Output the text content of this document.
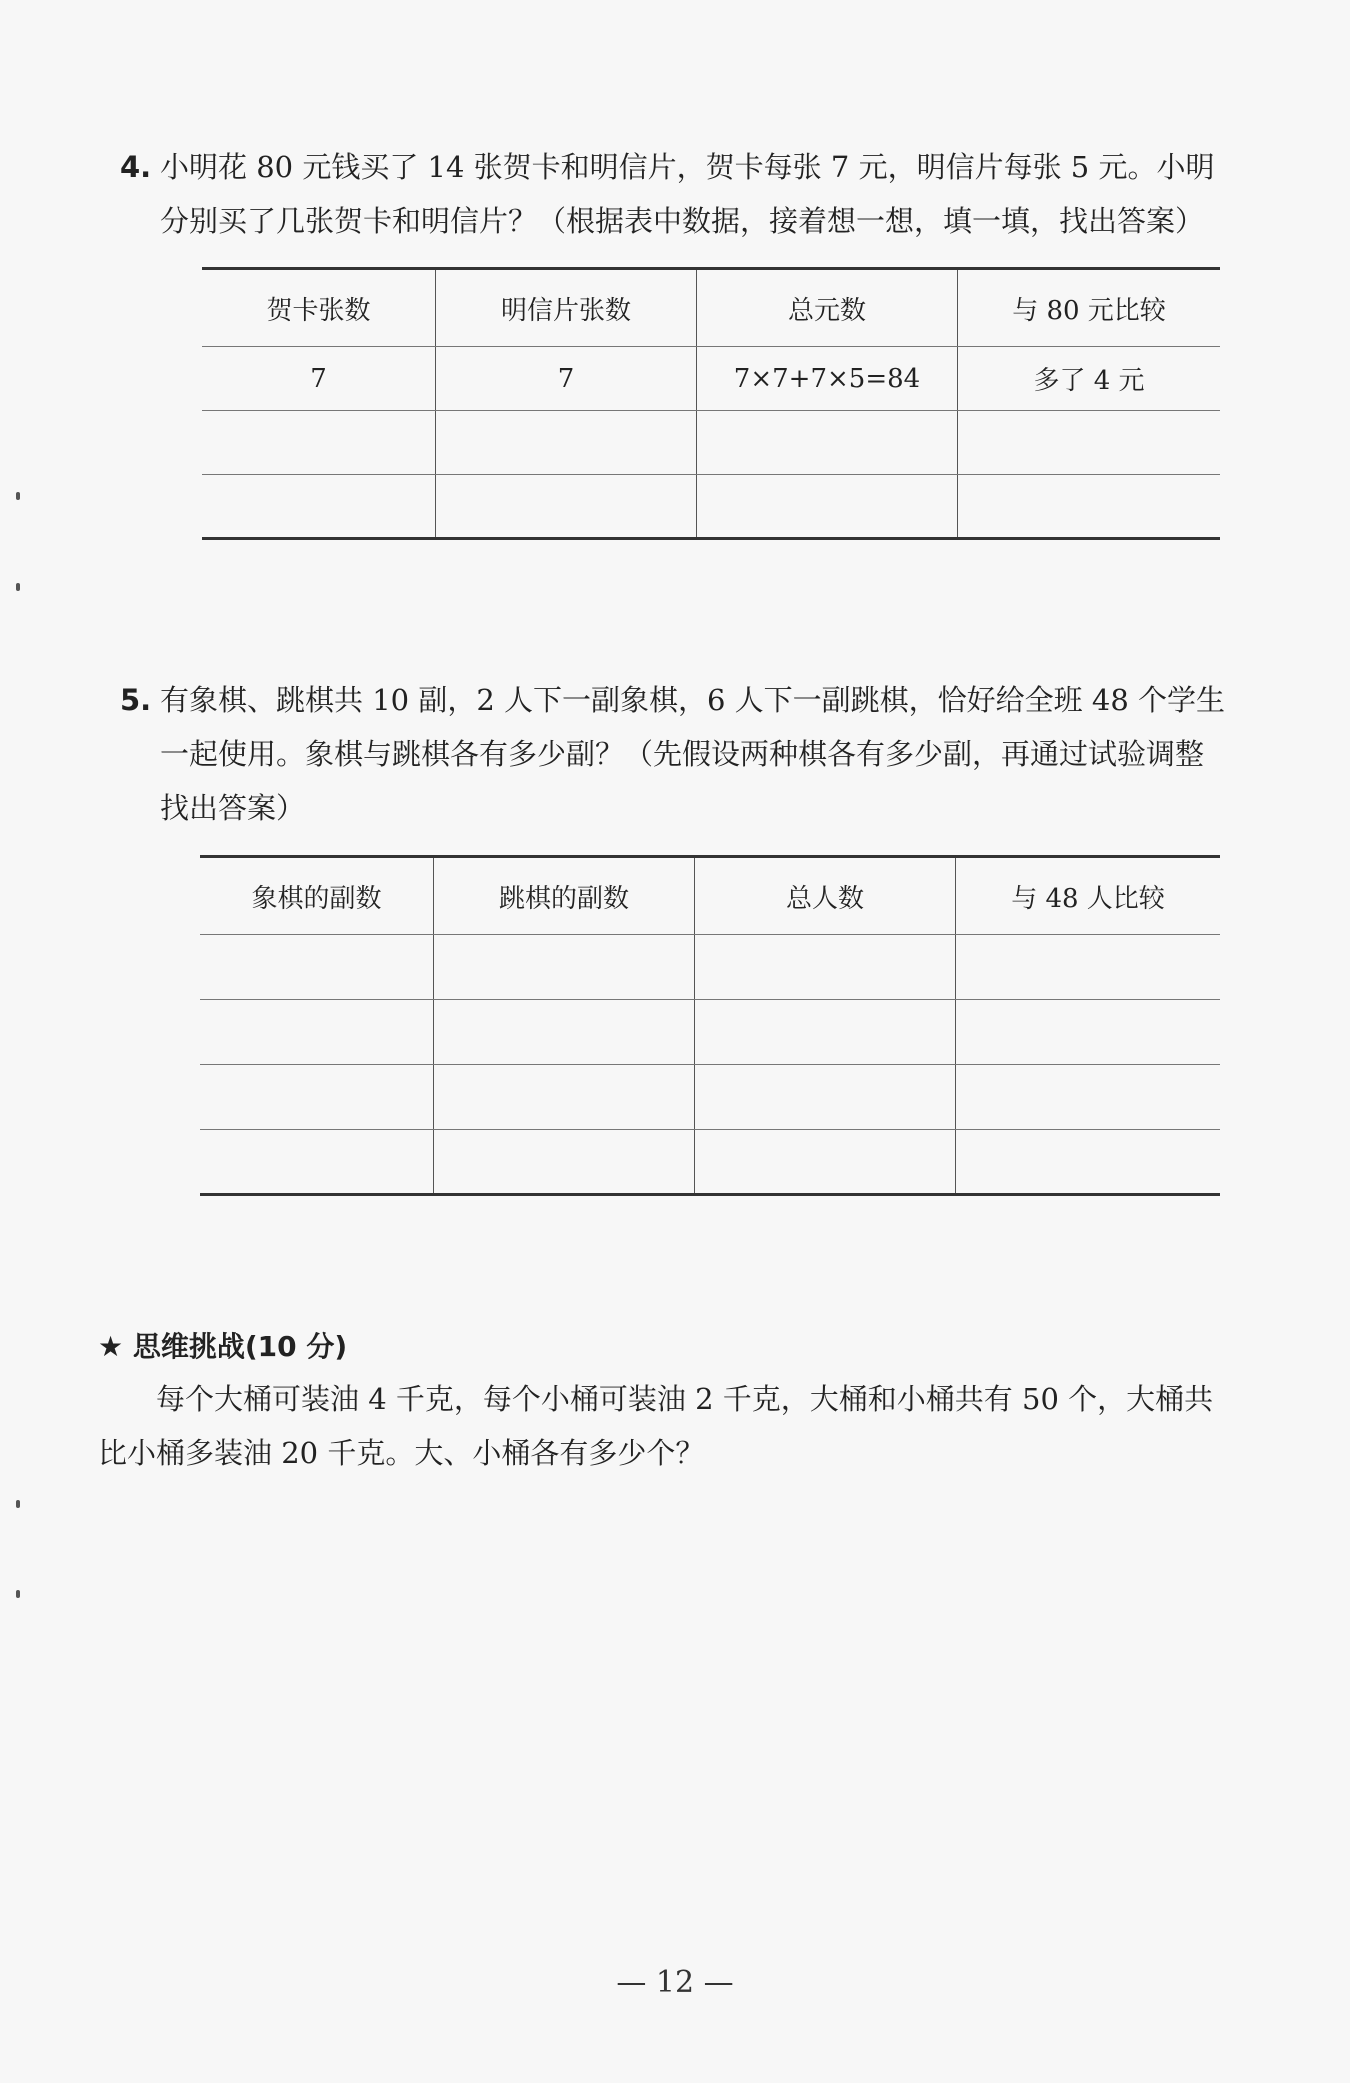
4. 小明花 80 元钱买了 14 张贺卡和明信片，贺卡每张 7 元，明信片每张 5 元。小明分别买了几张贺卡和明信片？（根据表中数据，接着想一想，填一填，找出答案）
贺卡张数	明信片张数	总元数	与 80 元比较
7	7	7×7+7×5=84	多了 4 元

5. 有象棋、跳棋共 10 副，2 人下一副象棋，6 人下一副跳棋，恰好给全班 48 个学生一起使用。象棋与跳棋各有多少副？（先假设两种棋各有多少副，再通过试验调整找出答案）
象棋的副数	跳棋的副数	总人数	与 48 人比较

★ 思维挑战(10 分)
每个大桶可装油 4 千克，每个小桶可装油 2 千克，大桶和小桶共有 50 个，大桶共比小桶多装油 20 千克。大、小桶各有多少个？
— 12 —
